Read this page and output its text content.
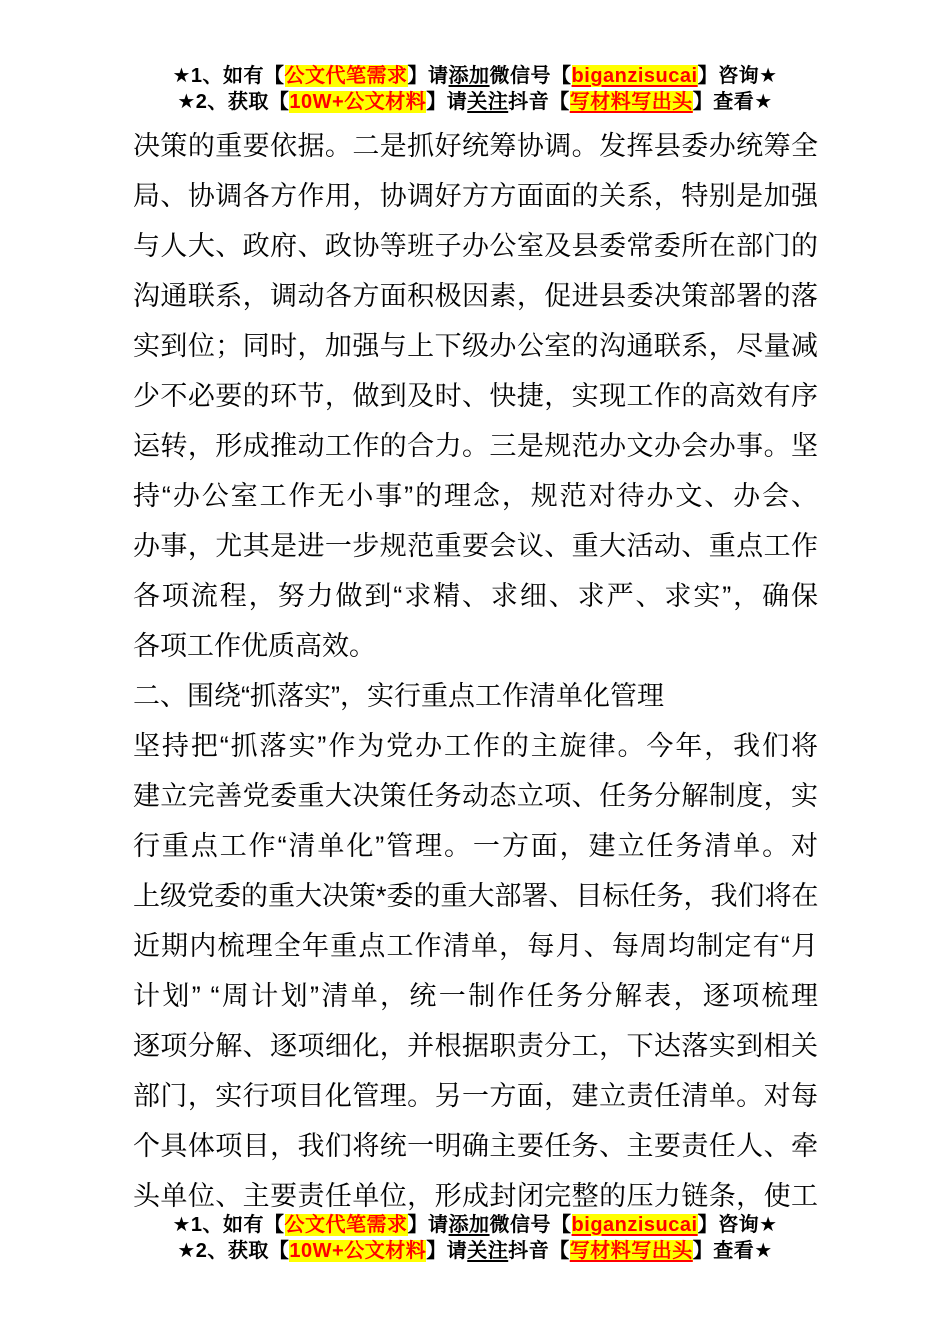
★1、如有【公文代笔需求】请添加微信号【biganzisucai】咨询★
★2、获取【10W+公文材料】请关注抖音【写材料写出头】查看★
决策的重要依据。二是抓好统筹协调。发挥县委办统筹全
局、协调各方作用，协调好方方面面的关系，特别是加强
与人大、政府、政协等班子办公室及县委常委所在部门的
沟通联系，调动各方面积极因素，促进县委决策部署的落
实到位；同时，加强与上下级办公室的沟通联系，尽量减
少不必要的环节，做到及时、快捷，实现工作的高效有序
运转，形成推动工作的合力。三是规范办文办会办事。坚
持“办公室工作无小事”的理念，规范对待办文、办会、
办事，尤其是进一步规范重要会议、重大活动、重点工作
各项流程，努力做到“求精、求细、求严、求实”，确保
各项工作优质高效。
二、围绕“抓落实”，实行重点工作清单化管理
坚持把“抓落实”作为党办工作的主旋律。今年，我们将
建立完善党委重大决策任务动态立项、任务分解制度，实
行重点工作“清单化”管理。一方面，建立任务清单。对
上级党委的重大决策*委的重大部署、目标任务，我们将在
近期内梳理全年重点工作清单，每月、每周均制定有“月
计划” “周计划”清单，统一制作任务分解表，逐项梳理
逐项分解、逐项细化，并根据职责分工，下达落实到相关
部门，实行项目化管理。另一方面，建立责任清单。对每
个具体项目，我们将统一明确主要任务、主要责任人、牵
头单位、主要责任单位，形成封闭完整的压力链条，使工
★1、如有【公文代笔需求】请添加微信号【biganzisucai】咨询★
★2、获取【10W+公文材料】请关注抖音【写材料写出头】查看★
